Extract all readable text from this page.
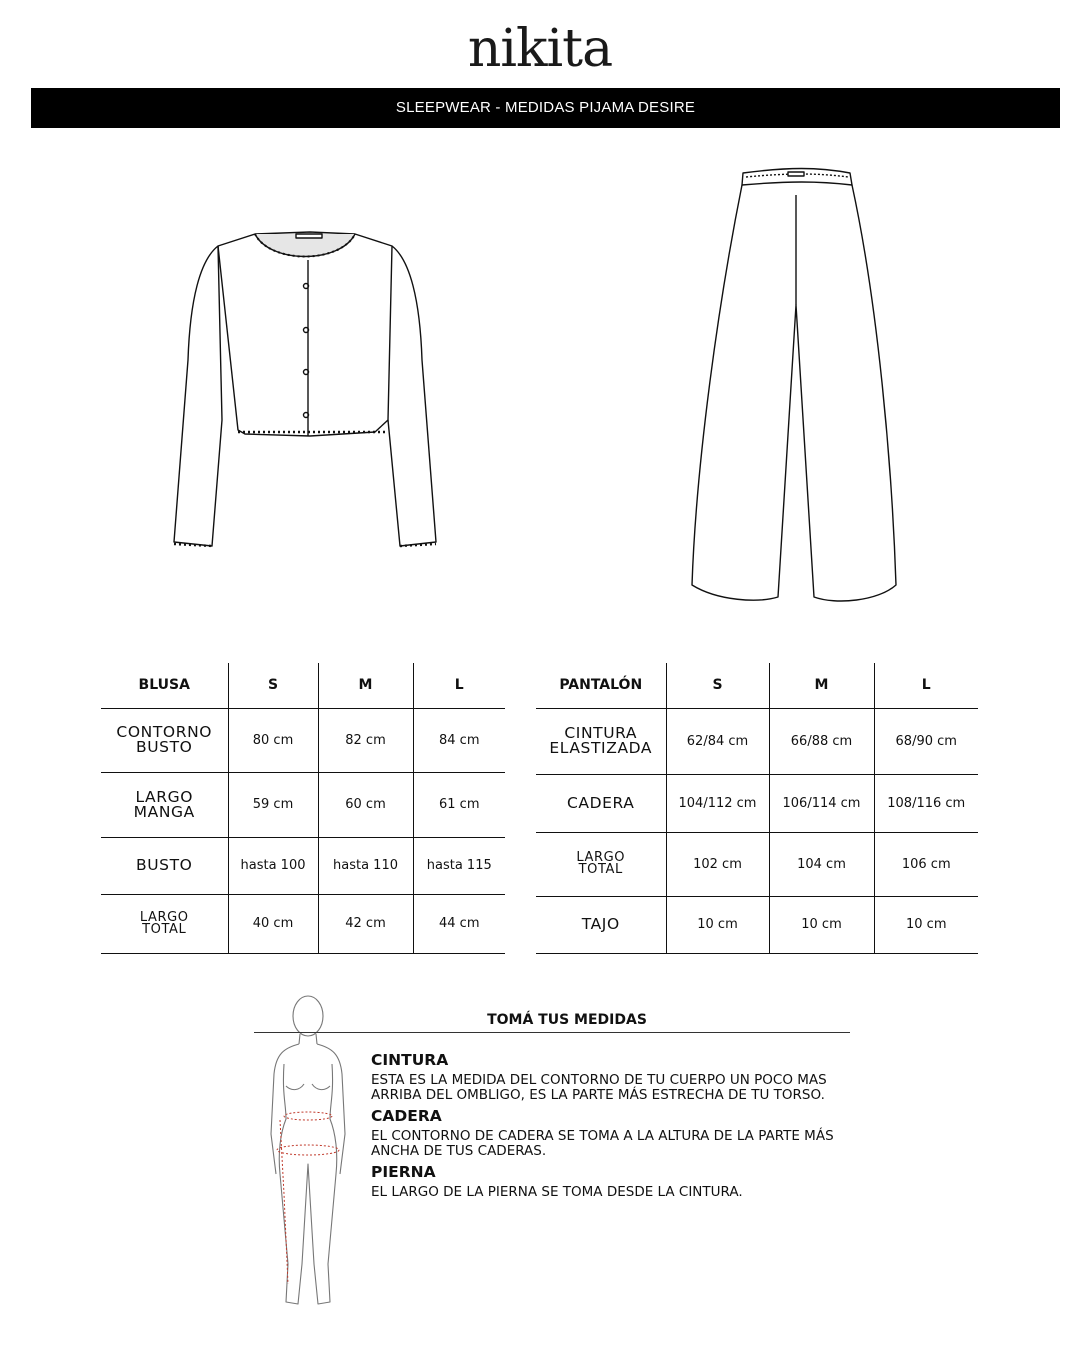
nikita
SLEEPWEAR - MEDIDAS PIJAMA DESIRE
BLUSA	S	M	L

CONTORNO
BUSTO	80 cm	82 cm	84 cm

LARGO
MANGA	59 cm	60 cm	61 cm

BUSTO	hasta 100	hasta 110	hasta 115

LARGO
TOTAL	40 cm	42 cm	44 cm
PANTALÓN	S	M	L

CINTURA
ELASTIZADA	62/84 cm	66/88 cm	68/90 cm

CADERA	104/112 cm	106/114 cm	108/116 cm

LARGO
TOTAL	102 cm	104 cm	106 cm

TAJO	10 cm	10 cm	10 cm
TOMÁ TUS MEDIDAS

CINTURA

ESTA ES LA MEDIDA DEL CONTORNO DE TU CUERPO UN POCO MAS ARRIBA DEL OMBLIGO, ES LA PARTE MÁS ESTRECHA DE TU TORSO.

CADERA

EL CONTORNO DE CADERA SE TOMA A LA ALTURA DE LA PARTE MÁS ANCHA DE TUS CADERAS.

PIERNA

EL LARGO DE LA PIERNA SE TOMA DESDE LA CINTURA.
